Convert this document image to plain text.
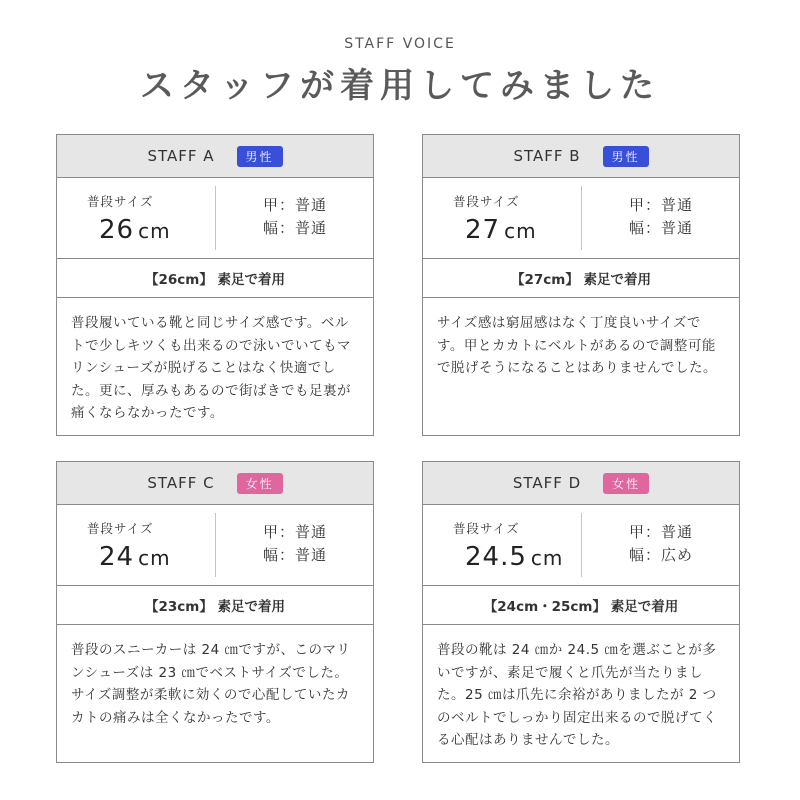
STAFF VOICE
スタッフが着用してみました
STAFF A	男性
普段サイズ
26 cm
甲：普通
幅：普通
【26cm】 素足で着用
普段履いている靴と同じサイズ感です。ベルトで少しキツくも出来るので泳いでいてもマリンシューズが脱げることはなく快適でした。更に、厚みもあるので街ばきでも足裏が痛くならなかったです。
STAFF B	男性
普段サイズ
27 cm
甲：普通
幅：普通
【27cm】 素足で着用
サイズ感は窮屈感はなく丁度良いサイズです。甲とカカトにベルトがあるので調整可能で脱げそうになることはありませんでした。
STAFF C	女性
普段サイズ
24 cm
甲：普通
幅：普通
【23cm】 素足で着用
普段のスニーカーは 24 ㎝ですが、このマリンシューズは 23 ㎝でベストサイズでした。サイズ調整が柔軟に効くので心配していたカカトの痛みは全くなかったです。
STAFF D	女性
普段サイズ
24.5 cm
甲：普通
幅：広め
【24cm・25cm】 素足で着用
普段の靴は 24 ㎝か 24.5 ㎝を選ぶことが多いですが、素足で履くと爪先が当たりました。25 ㎝は爪先に余裕がありましたが 2 つのベルトでしっかり固定出来るので脱げてくる心配はありませんでした。
